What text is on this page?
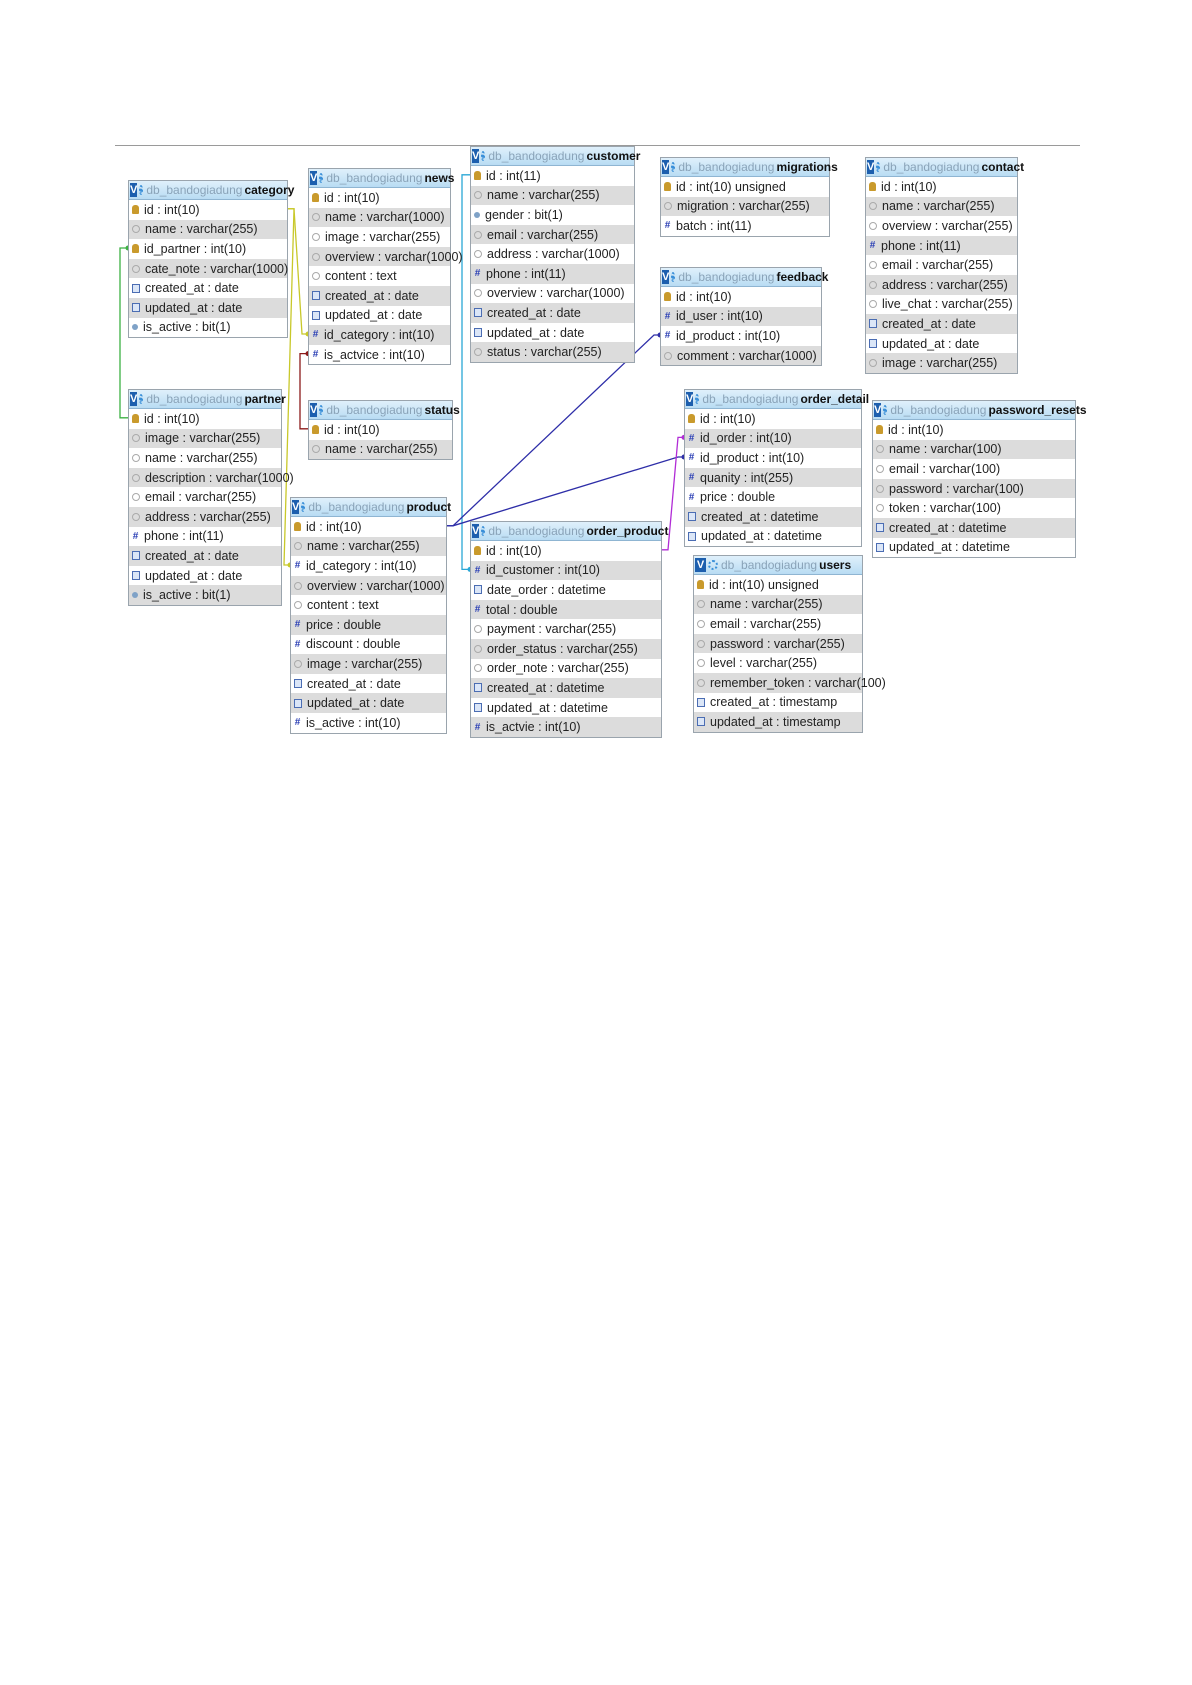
V db_bandogiadung category
id : int(10)
name : varchar(255)
id_partner : int(10)
cate_note : varchar(1000)
created_at : date
updated_at : date
is_active : bit(1)
V db_bandogiadung news
id : int(10)
name : varchar(1000)
image : varchar(255)
overview : varchar(1000)
content : text
created_at : date
updated_at : date
# id_category : int(10)
# is_actvice : int(10)
V db_bandogiadung customer
id : int(11)
name : varchar(255)
gender : bit(1)
email : varchar(255)
address : varchar(1000)
# phone : int(11)
overview : varchar(1000)
created_at : date
updated_at : date
status : varchar(255)
V db_bandogiadung migrations
id : int(10) unsigned
migration : varchar(255)
# batch : int(11)
V db_bandogiadung contact
id : int(10)
name : varchar(255)
overview : varchar(255)
# phone : int(11)
email : varchar(255)
address : varchar(255)
live_chat : varchar(255)
created_at : date
updated_at : date
image : varchar(255)
V db_bandogiadung feedback
id : int(10)
# id_user : int(10)
# id_product : int(10)
comment : varchar(1000)
V db_bandogiadung partner
id : int(10)
image : varchar(255)
name : varchar(255)
description : varchar(1000)
email : varchar(255)
address : varchar(255)
# phone : int(11)
created_at : date
updated_at : date
is_active : bit(1)
V db_bandogiadung status
id : int(10)
name : varchar(255)
V db_bandogiadung order_detail
id : int(10)
# id_order : int(10)
# id_product : int(10)
# quanity : int(255)
# price : double
created_at : datetime
updated_at : datetime
V db_bandogiadung password_resets
id : int(10)
name : varchar(100)
email : varchar(100)
password : varchar(100)
token : varchar(100)
created_at : datetime
updated_at : datetime
V db_bandogiadung product
id : int(10)
name : varchar(255)
# id_category : int(10)
overview : varchar(1000)
content : text
# price : double
# discount : double
image : varchar(255)
created_at : date
updated_at : date
# is_active : int(10)
V db_bandogiadung order_product
id : int(10)
# id_customer : int(10)
date_order : datetime
# total : double
payment : varchar(255)
order_status : varchar(255)
order_note : varchar(255)
created_at : datetime
updated_at : datetime
# is_actvie : int(10)
V db_bandogiadung users
id : int(10) unsigned
name : varchar(255)
email : varchar(255)
password : varchar(255)
level : varchar(255)
remember_token : varchar(100)
created_at : timestamp
updated_at : timestamp
